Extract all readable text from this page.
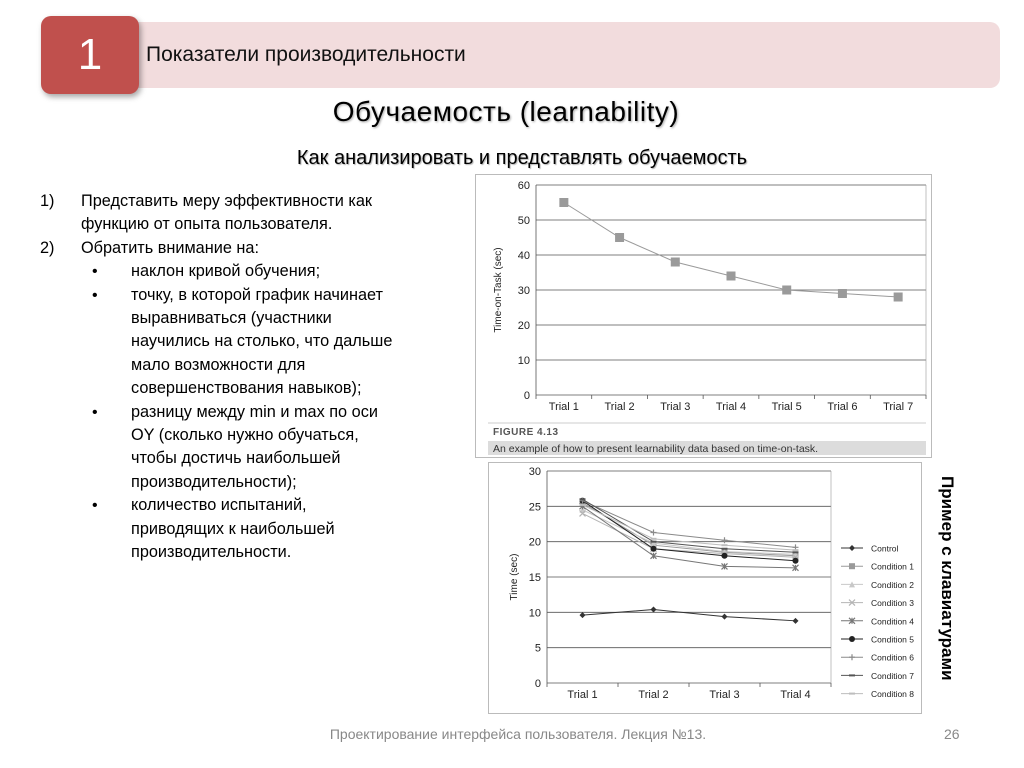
1	Показатели производительности
Обучаемость (learnability)
Как анализировать и представлять обучаемость
1) Представить меру эффективности как функцию от опыта пользователя.
2) Обратить внимание на:
• наклон кривой обучения;
• точку, в которой график начинает выравниваться (участники научились на столько, что дальше мало возможности для совершенствования навыков);
• разницу между min и max по оси OY (сколько нужно обучаться, чтобы достичь наибольшей производительности);
• количество испытаний, приводящих к наибольшей производительности.
0
10
20
30
40
50
60
Trial 1 Trial 2 Trial 3 Trial 4 Trial 5 Trial 6 Trial 7
Time-on-Task (sec)
FIGURE 4.13
An example of how to present learnability data based on time-on-task.
0
5
10
15
20
25
30
Trial 1	Trial 2	Trial 3	Trial 4
Time (sec)
Control
Condition 1
Condition 2
Condition 3
Condition 4
Condition 5
Condition 6
Condition 7
Condition 8
Пример с клавиатурами
Проектирование интерфейса пользователя. Лекция №13.	26
